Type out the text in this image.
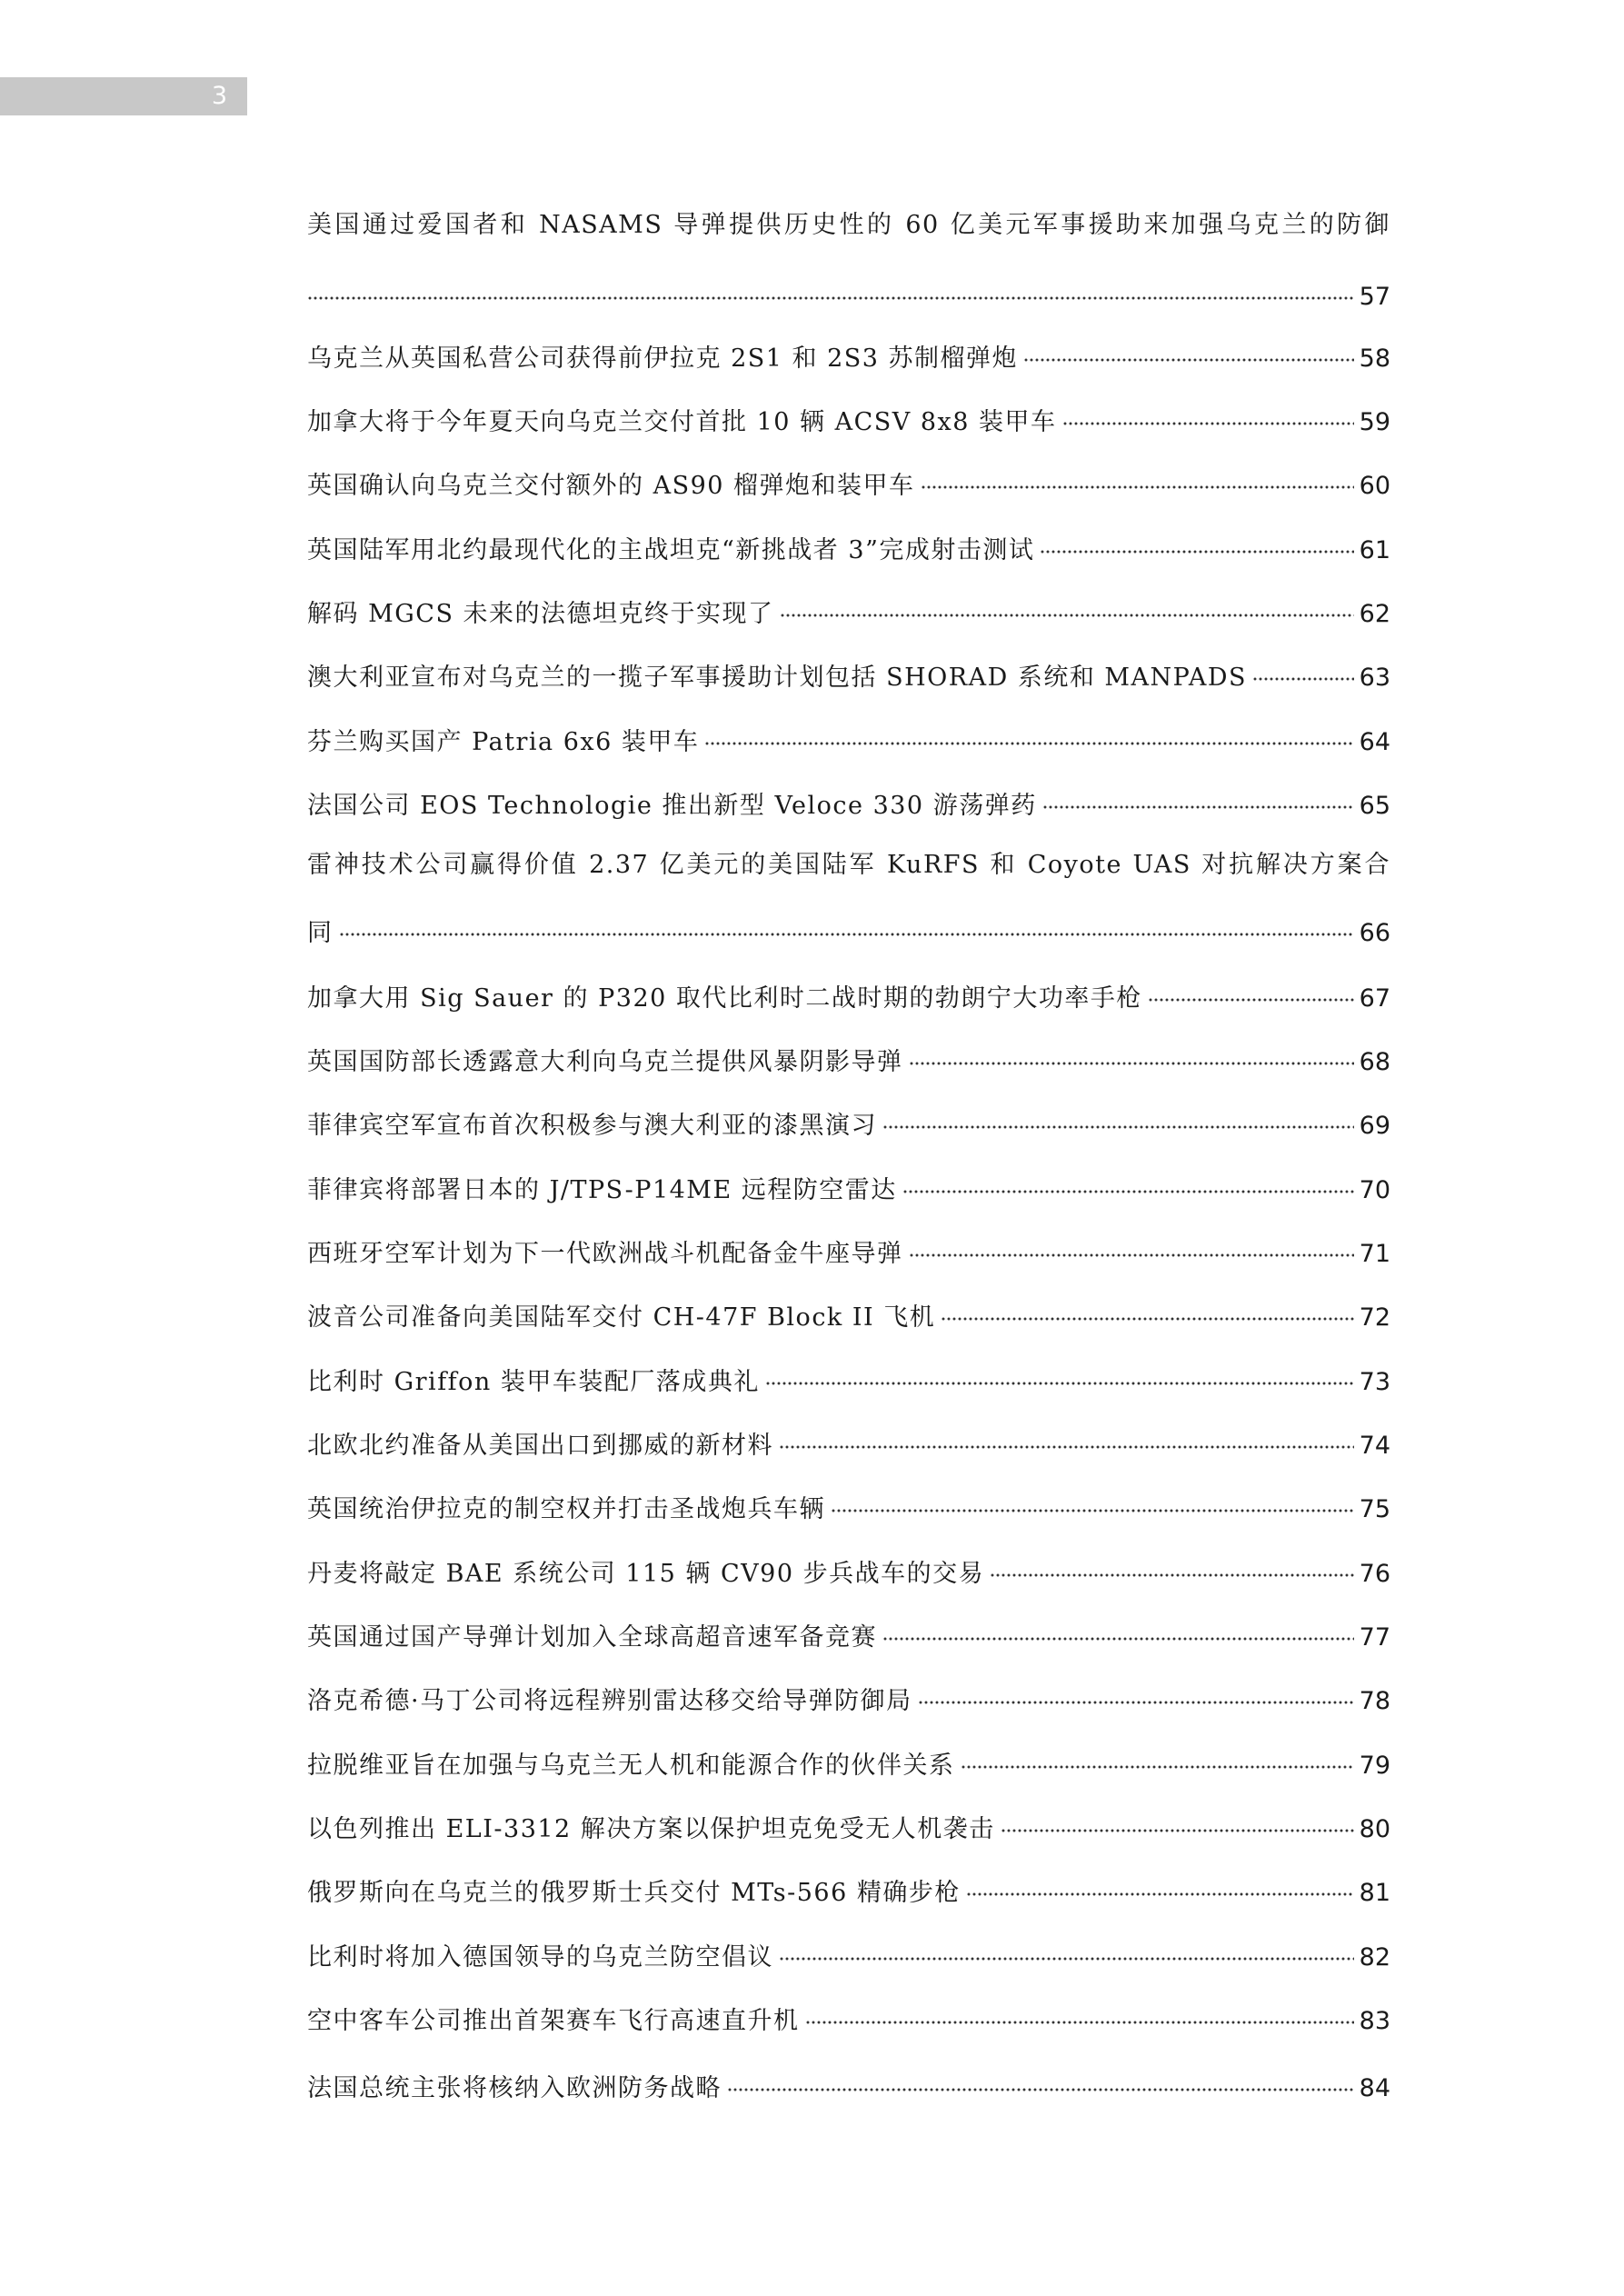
3
美国通过爱国者和 NASAMS 导弹提供历史性的 60 亿美元军事援助来加强乌克兰的防御
57
乌克兰从英国私营公司获得前伊拉克 2S1 和 2S3 苏制榴弹炮	58
加拿大将于今年夏天向乌克兰交付首批 10 辆 ACSV 8x8 装甲车	59
英国确认向乌克兰交付额外的 AS90 榴弹炮和装甲车	60
英国陆军用北约最现代化的主战坦克“新挑战者 3”完成射击测试	61
解码 MGCS 未来的法德坦克终于实现了	62
澳大利亚宣布对乌克兰的一揽子军事援助计划包括 SHORAD 系统和 MANPADS	63
芬兰购买国产 Patria 6x6 装甲车	64
法国公司 EOS Technologie 推出新型 Veloce 330 游荡弹药	65
雷神技术公司赢得价值 2.37 亿美元的美国陆军 KuRFS 和 Coyote UAS 对抗解决方案合
同	66
加拿大用 Sig Sauer 的 P320 取代比利时二战时期的勃朗宁大功率手枪	67
英国国防部长透露意大利向乌克兰提供风暴阴影导弹	68
菲律宾空军宣布首次积极参与澳大利亚的漆黑演习	69
菲律宾将部署日本的 J/TPS-P14ME 远程防空雷达	70
西班牙空军计划为下一代欧洲战斗机配备金牛座导弹	71
波音公司准备向美国陆军交付 CH-47F Block II 飞机	72
比利时 Griffon 装甲车装配厂落成典礼	73
北欧北约准备从美国出口到挪威的新材料	74
英国统治伊拉克的制空权并打击圣战炮兵车辆	75
丹麦将敲定 BAE 系统公司 115 辆 CV90 步兵战车的交易	76
英国通过国产导弹计划加入全球高超音速军备竞赛	77
洛克希德·马丁公司将远程辨别雷达移交给导弹防御局	78
拉脱维亚旨在加强与乌克兰无人机和能源合作的伙伴关系	79
以色列推出 ELI-3312 解决方案以保护坦克免受无人机袭击	80
俄罗斯向在乌克兰的俄罗斯士兵交付 MTs-566 精确步枪	81
比利时将加入德国领导的乌克兰防空倡议	82
空中客车公司推出首架赛车飞行高速直升机	83
法国总统主张将核纳入欧洲防务战略	84
